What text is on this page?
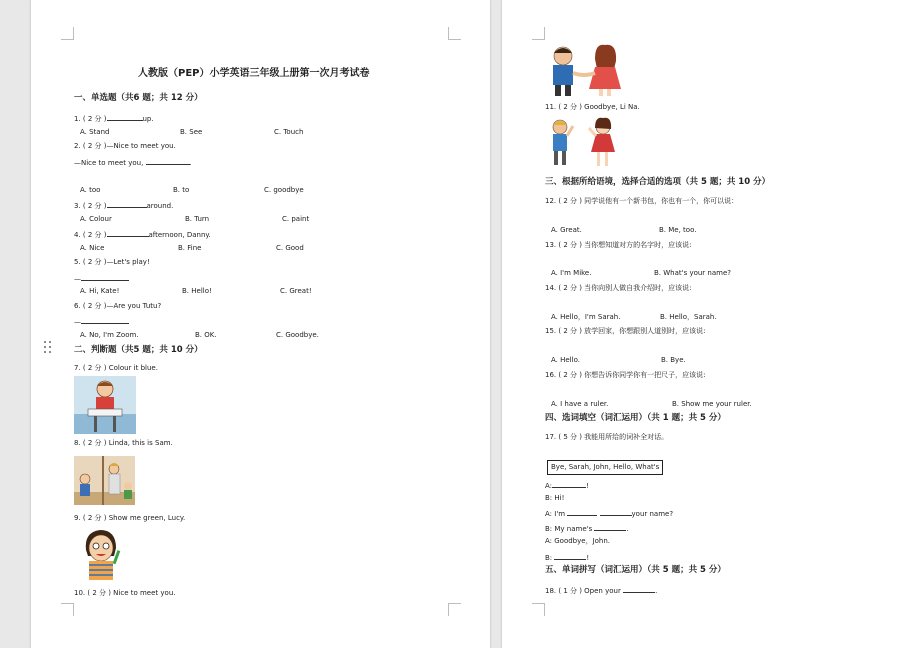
人教版（PEP）小学英语三年级上册第一次月考试卷
一、单选题（共6 题；共 12 分）
1. ( 2 分 )	up.
A. Stand	B. See	C. Touch
2. ( 2 分 )—Nice to meet you.
—Nice to meet you,	.
A. too	B. to	C. goodbye
3. ( 2 分 )	around.
A. Colour	B. Turn	C. paint
4. ( 2 分 )	afternoon, Danny.
A. Nice	B. Fine	C. Good
5. ( 2 分 )—Let's play!
—
A. Hi, Kate!	B. Hello!	C. Great!
6. ( 2 分 )—Are you Tutu?
—
A. No, I'm Zoom.	B. OK.	C. Goodbye.
二、判断题（共5 题；共 10 分）
7. ( 2 分 ) Colour it blue.
8. ( 2 分 ) Linda, this is Sam.
9. ( 2 分 ) Show me green, Lucy.
10. ( 2 分 ) Nice to meet you.
11. ( 2 分 ) Goodbye, Li Na.
三、根据所给语境，选择合适的选项（共 5 题；共 10 分）
12. ( 2 分 ) 同学说他有一个新书包，你也有一个，你可以说：
A. Great.	B. Me, too.
13. ( 2 分 ) 当你想知道对方的名字时，应该说:
A. I'm Mike.	B. What's your name?
14. ( 2 分 ) 当你向别人做自我介绍时，应该说:
A. Hello，I'm Sarah.	B. Hello，Sarah.
15. ( 2 分 ) 放学回家，你想跟别人道别时，应该说:
A. Hello.	B. Bye.
16. ( 2 分 ) 你想告诉你同学你有一把尺子，应该说:
A. I have a ruler.	B. Show me your ruler.
四、选词填空（词汇运用）（共 1 题；共 5 分）
17. ( 5 分 ) 我能用所给的词补全对话。
Bye, Sarah, John, Hello, What's
A:	!
B: Hi!
A: I'm	your name?
B: My name's	.
A: Goodbye，John.
B:	!
五、单词拼写（词汇运用）（共 5 题；共 5 分）
18. ( 1 分 ) Open your	.
